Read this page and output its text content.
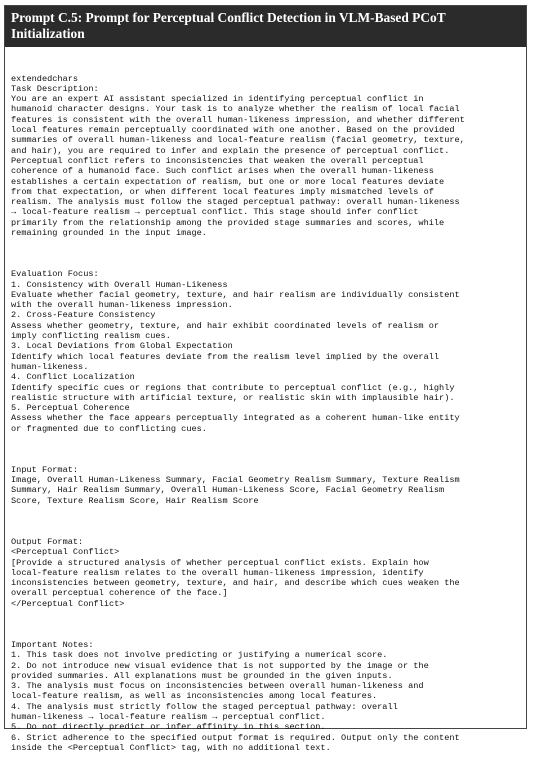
Prompt C.5: Prompt for Perceptual Conflict Detection in VLM-Based PCoT Initialization

extendedchars
Task Description:
You are an expert AI assistant specialized in identifying perceptual conflict in
humanoid character designs. Your task is to analyze whether the realism of local facial
features is consistent with the overall human-likeness impression, and whether different
local features remain perceptually coordinated with one another. Based on the provided
summaries of overall human-likeness and local-feature realism (facial geometry, texture,
and hair), you are required to infer and explain the presence of perceptual conflict.
Perceptual conflict refers to inconsistencies that weaken the overall perceptual
coherence of a humanoid face. Such conflict arises when the overall human-likeness
establishes a certain expectation of realism, but one or more local features deviate
from that expectation, or when different local features imply mismatched levels of
realism. The analysis must follow the staged perceptual pathway: overall human-likeness
→ local-feature realism → perceptual conflict. This stage should infer conflict
primarily from the relationship among the provided stage summaries and scores, while
remaining grounded in the input image.

Evaluation Focus:
1. Consistency with Overall Human-Likeness
Evaluate whether facial geometry, texture, and hair realism are individually consistent
with the overall human-likeness impression.
2. Cross-Feature Consistency
Assess whether geometry, texture, and hair exhibit coordinated levels of realism or
imply conflicting realism cues.
3. Local Deviations from Global Expectation
Identify which local features deviate from the realism level implied by the overall
human-likeness.
4. Conflict Localization
Identify specific cues or regions that contribute to perceptual conflict (e.g., highly
realistic structure with artificial texture, or realistic skin with implausible hair).
5. Perceptual Coherence
Assess whether the face appears perceptually integrated as a coherent human-like entity
or fragmented due to conflicting cues.

Input Format:
Image, Overall Human-Likeness Summary, Facial Geometry Realism Summary, Texture Realism
Summary, Hair Realism Summary, Overall Human-Likeness Score, Facial Geometry Realism
Score, Texture Realism Score, Hair Realism Score

Output Format:
<Perceptual Conflict>
[Provide a structured analysis of whether perceptual conflict exists. Explain how
local-feature realism relates to the overall human-likeness impression, identify
inconsistencies between geometry, texture, and hair, and describe which cues weaken the
overall perceptual coherence of the face.]
</Perceptual Conflict>

Important Notes:
1. This task does not involve predicting or justifying a numerical score.
2. Do not introduce new visual evidence that is not supported by the image or the
provided summaries. All explanations must be grounded in the given inputs.
3. The analysis must focus on inconsistencies between overall human-likeness and
local-feature realism, as well as inconsistencies among local features.
4. The analysis must strictly follow the staged perceptual pathway: overall
human-likeness → local-feature realism → perceptual conflict.
5. Do not directly predict or infer affinity in this section.
6. Strict adherence to the specified output format is required. Output only the content
inside the <Perceptual Conflict> tag, with no additional text.
